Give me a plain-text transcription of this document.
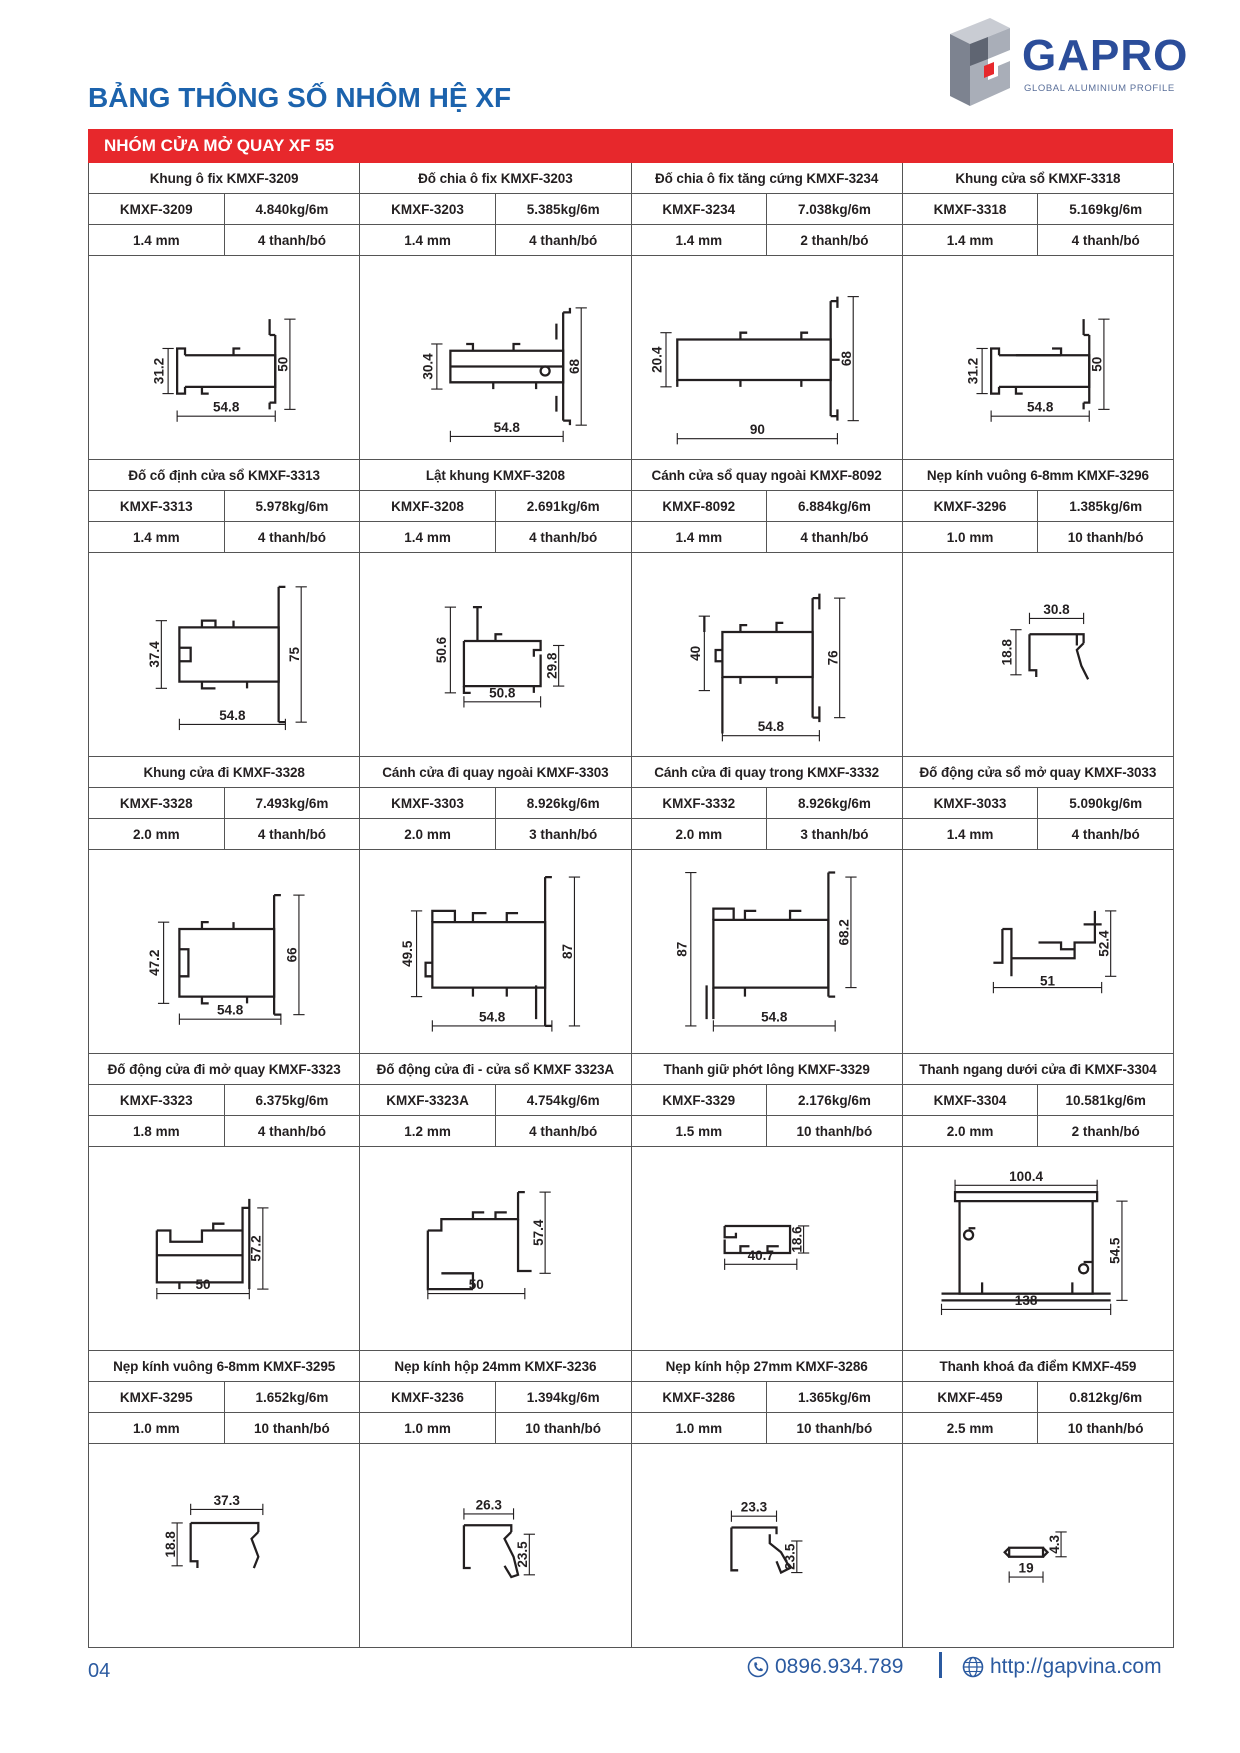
GAPRO
GLOBAL ALUMINIUM PROFILE
BẢNG THÔNG SỐ NHÔM HỆ XF
NHÓM CỬA MỞ QUAY XF 55
Khung ô fix KMXF-3209
KMXF-3209	4.840kg/6m
1.4 mm	4 thanh/bó
31.2
54.8
50
Đố chia ô fix KMXF-3203
KMXF-3203	5.385kg/6m
1.4 mm	4 thanh/bó
30.4
54.8
68
Đố chia ô fix tăng cứng KMXF-3234
KMXF-3234	7.038kg/6m
1.4 mm	2 thanh/bó
20.4
90
68
Khung cửa sổ KMXF-3318
KMXF-3318	5.169kg/6m
1.4 mm	4 thanh/bó
31.2
54.8
50
Đố cố định cửa sổ KMXF-3313
KMXF-3313	5.978kg/6m
1.4 mm	4 thanh/bó
37.4
54.8
75
Lật khung KMXF-3208
KMXF-3208	2.691kg/6m
1.4 mm	4 thanh/bó
50.6
50.8
29.8
Cánh cửa sổ quay ngoài KMXF-8092
KMXF-8092	6.884kg/6m
1.4 mm	4 thanh/bó
40
54.8
76
Nẹp kính vuông 6-8mm KMXF-3296
KMXF-3296	1.385kg/6m
1.0 mm	10 thanh/bó
30.8
18.8
Khung cửa đi KMXF-3328
KMXF-3328	7.493kg/6m
2.0 mm	4 thanh/bó
47.2
54.8
66
Cánh cửa đi quay ngoài KMXF-3303
KMXF-3303	8.926kg/6m
2.0 mm	3 thanh/bó
49.5
54.8
87
Cánh cửa đi quay trong KMXF-3332
KMXF-3332	8.926kg/6m
2.0 mm	3 thanh/bó
87
54.8
68.2
Đố động cửa sổ mở quay KMXF-3033
KMXF-3033	5.090kg/6m
1.4 mm	4 thanh/bó
51
52.4
Đố động cửa đi mở quay KMXF-3323
KMXF-3323	6.375kg/6m
1.8 mm	4 thanh/bó
50
57.2
Đố động cửa đi - cửa sổ KMXF 3323A
KMXF-3323A	4.754kg/6m
1.2 mm	4 thanh/bó
50
57.4
Thanh giữ phớt lông KMXF-3329
KMXF-3329	2.176kg/6m
1.5 mm	10 thanh/bó
40.7
18.6
Thanh ngang dưới cửa đi KMXF-3304
KMXF-3304	10.581kg/6m
2.0 mm	2 thanh/bó
100.4
138
54.5
Nẹp kính vuông 6-8mm KMXF-3295
KMXF-3295	1.652kg/6m
1.0 mm	10 thanh/bó
37.3
18.8
Nẹp kính hộp 24mm KMXF-3236
KMXF-3236	1.394kg/6m
1.0 mm	10 thanh/bó
26.3
23.5
Nẹp kính hộp 27mm KMXF-3286
KMXF-3286	1.365kg/6m
1.0 mm	10 thanh/bó
23.3
23.5
Thanh khoá đa điểm KMXF-459
KMXF-459	0.812kg/6m
2.5 mm	10 thanh/bó
19
4.3
04	0896.934.789	http://gapvina.com
